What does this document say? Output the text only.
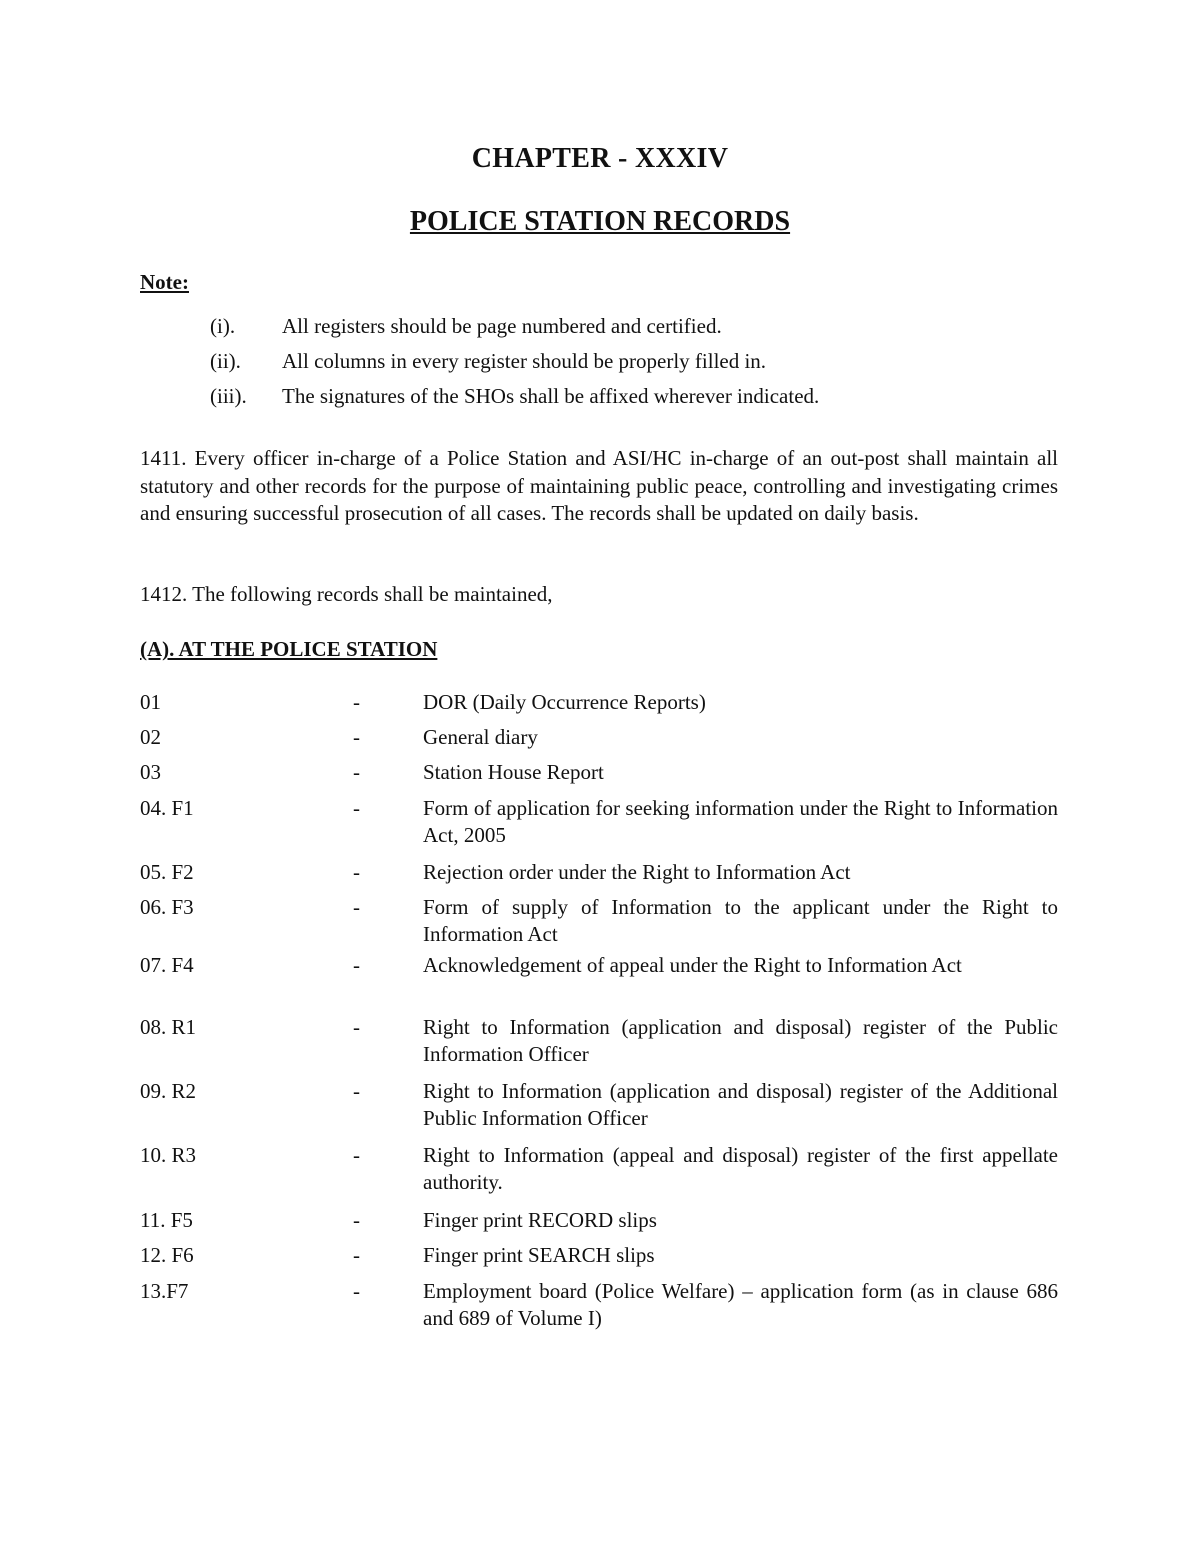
CHAPTER - XXXIV
POLICE STATION RECORDS
Note:
(i). All registers should be page numbered and certified.
(ii). All columns in every register should be properly filled in.
(iii). The signatures of the SHOs shall be affixed wherever indicated.
1411. Every officer in-charge of a Police Station and ASI/HC in-charge of an out-post shall maintain all statutory and other records for the purpose of maintaining public peace, controlling and investigating crimes and ensuring successful prosecution of all cases. The records shall be updated on daily basis.
1412. The following records shall be maintained,
(A). AT THE POLICE STATION
01	-	DOR (Daily Occurrence Reports)
02	-	General diary
03	-	Station House Report
04. F1	-	Form of application for seeking information under the Right to Information Act, 2005
05. F2	-	Rejection order under the Right to Information Act
06. F3	-	Form of supply of Information to the applicant under the Right to Information Act
07. F4	-	Acknowledgement of appeal under the Right to Information Act
08. R1	-	Right to Information (application and disposal) register of the Public Information Officer
09. R2	-	Right to Information (application and disposal) register of the Additional Public Information Officer
10. R3	-	Right to Information (appeal and disposal) register of the first appellate authority.
11. F5	-	Finger print RECORD slips
12. F6	-	Finger print SEARCH slips
13.F7	-	Employment board (Police Welfare) – application form (as in clause 686 and 689 of Volume I)
